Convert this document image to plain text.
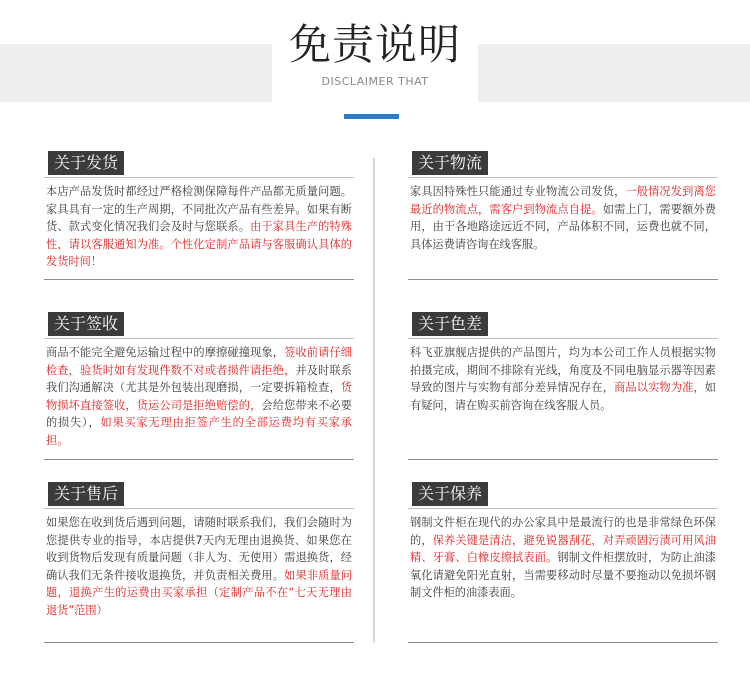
免责说明
DISCLAIMER THAT
关于发货
本店产品发货时都经过严格检测保障每件产品都无质量问题。家具具有一定的生产周期，不同批次产品有些差异。如果有断货、款式变化情况我们会及时与您联系。由于家具生产的特殊性，请以客服通知为准。个性化定制产品请与客服确认具体的发货时间！
关于物流
家具因特殊性只能通过专业物流公司发货，一般情况发到离您最近的物流点，需客户到物流点自提。如需上门，需要额外费用，由于各地路途远近不同，产品体积不同，运费也就不同，具体运费请咨询在线客服。
关于签收
商品不能完全避免运输过程中的摩擦碰撞现象，签收前请仔细检查，验货时如有发现件数不对或者损件请拒绝，并及时联系我们沟通解决（尤其是外包装出现磨损，一定要拆箱检查，货物损坏直接签收，货运公司是拒绝赔偿的，会给您带来不必要的损失），如果买家无理由拒签产生的全部运费均有买家承担。
关于色差
科飞亚旗舰店提供的产品图片，均为本公司工作人员根据实物拍摄完成，期间不排除有光线，角度及不同电脑显示器等因素导致的图片与实物有部分差异情况存在，商品以实物为准，如有疑问，请在购买前咨询在线客服人员。
关于售后
如果您在收到货后遇到问题，请随时联系我们，我们会随时为您提供专业的指导，本店提供7天内无理由退换货、如果您在收到货物后发现有质量问题（非人为、无使用）需退换货，经确认我们无条件接收退换货，并负责相关费用。如果非质量问题，退换产生的运费由买家承担（定制产品不在“七天无理由退货”范围）
关于保养
钢制文件柜在现代的办公家具中是最流行的也是非常绿色环保的，保养关键是清洁，避免锐器刮花，对弄顽固污渍可用风油精、牙膏、白橡皮擦拭表面。钢制文件柜摆放时，为防止油漆氧化请避免阳光直射，当需要移动时尽量不要拖动以免损坏钢制文件柜的油漆表面。
